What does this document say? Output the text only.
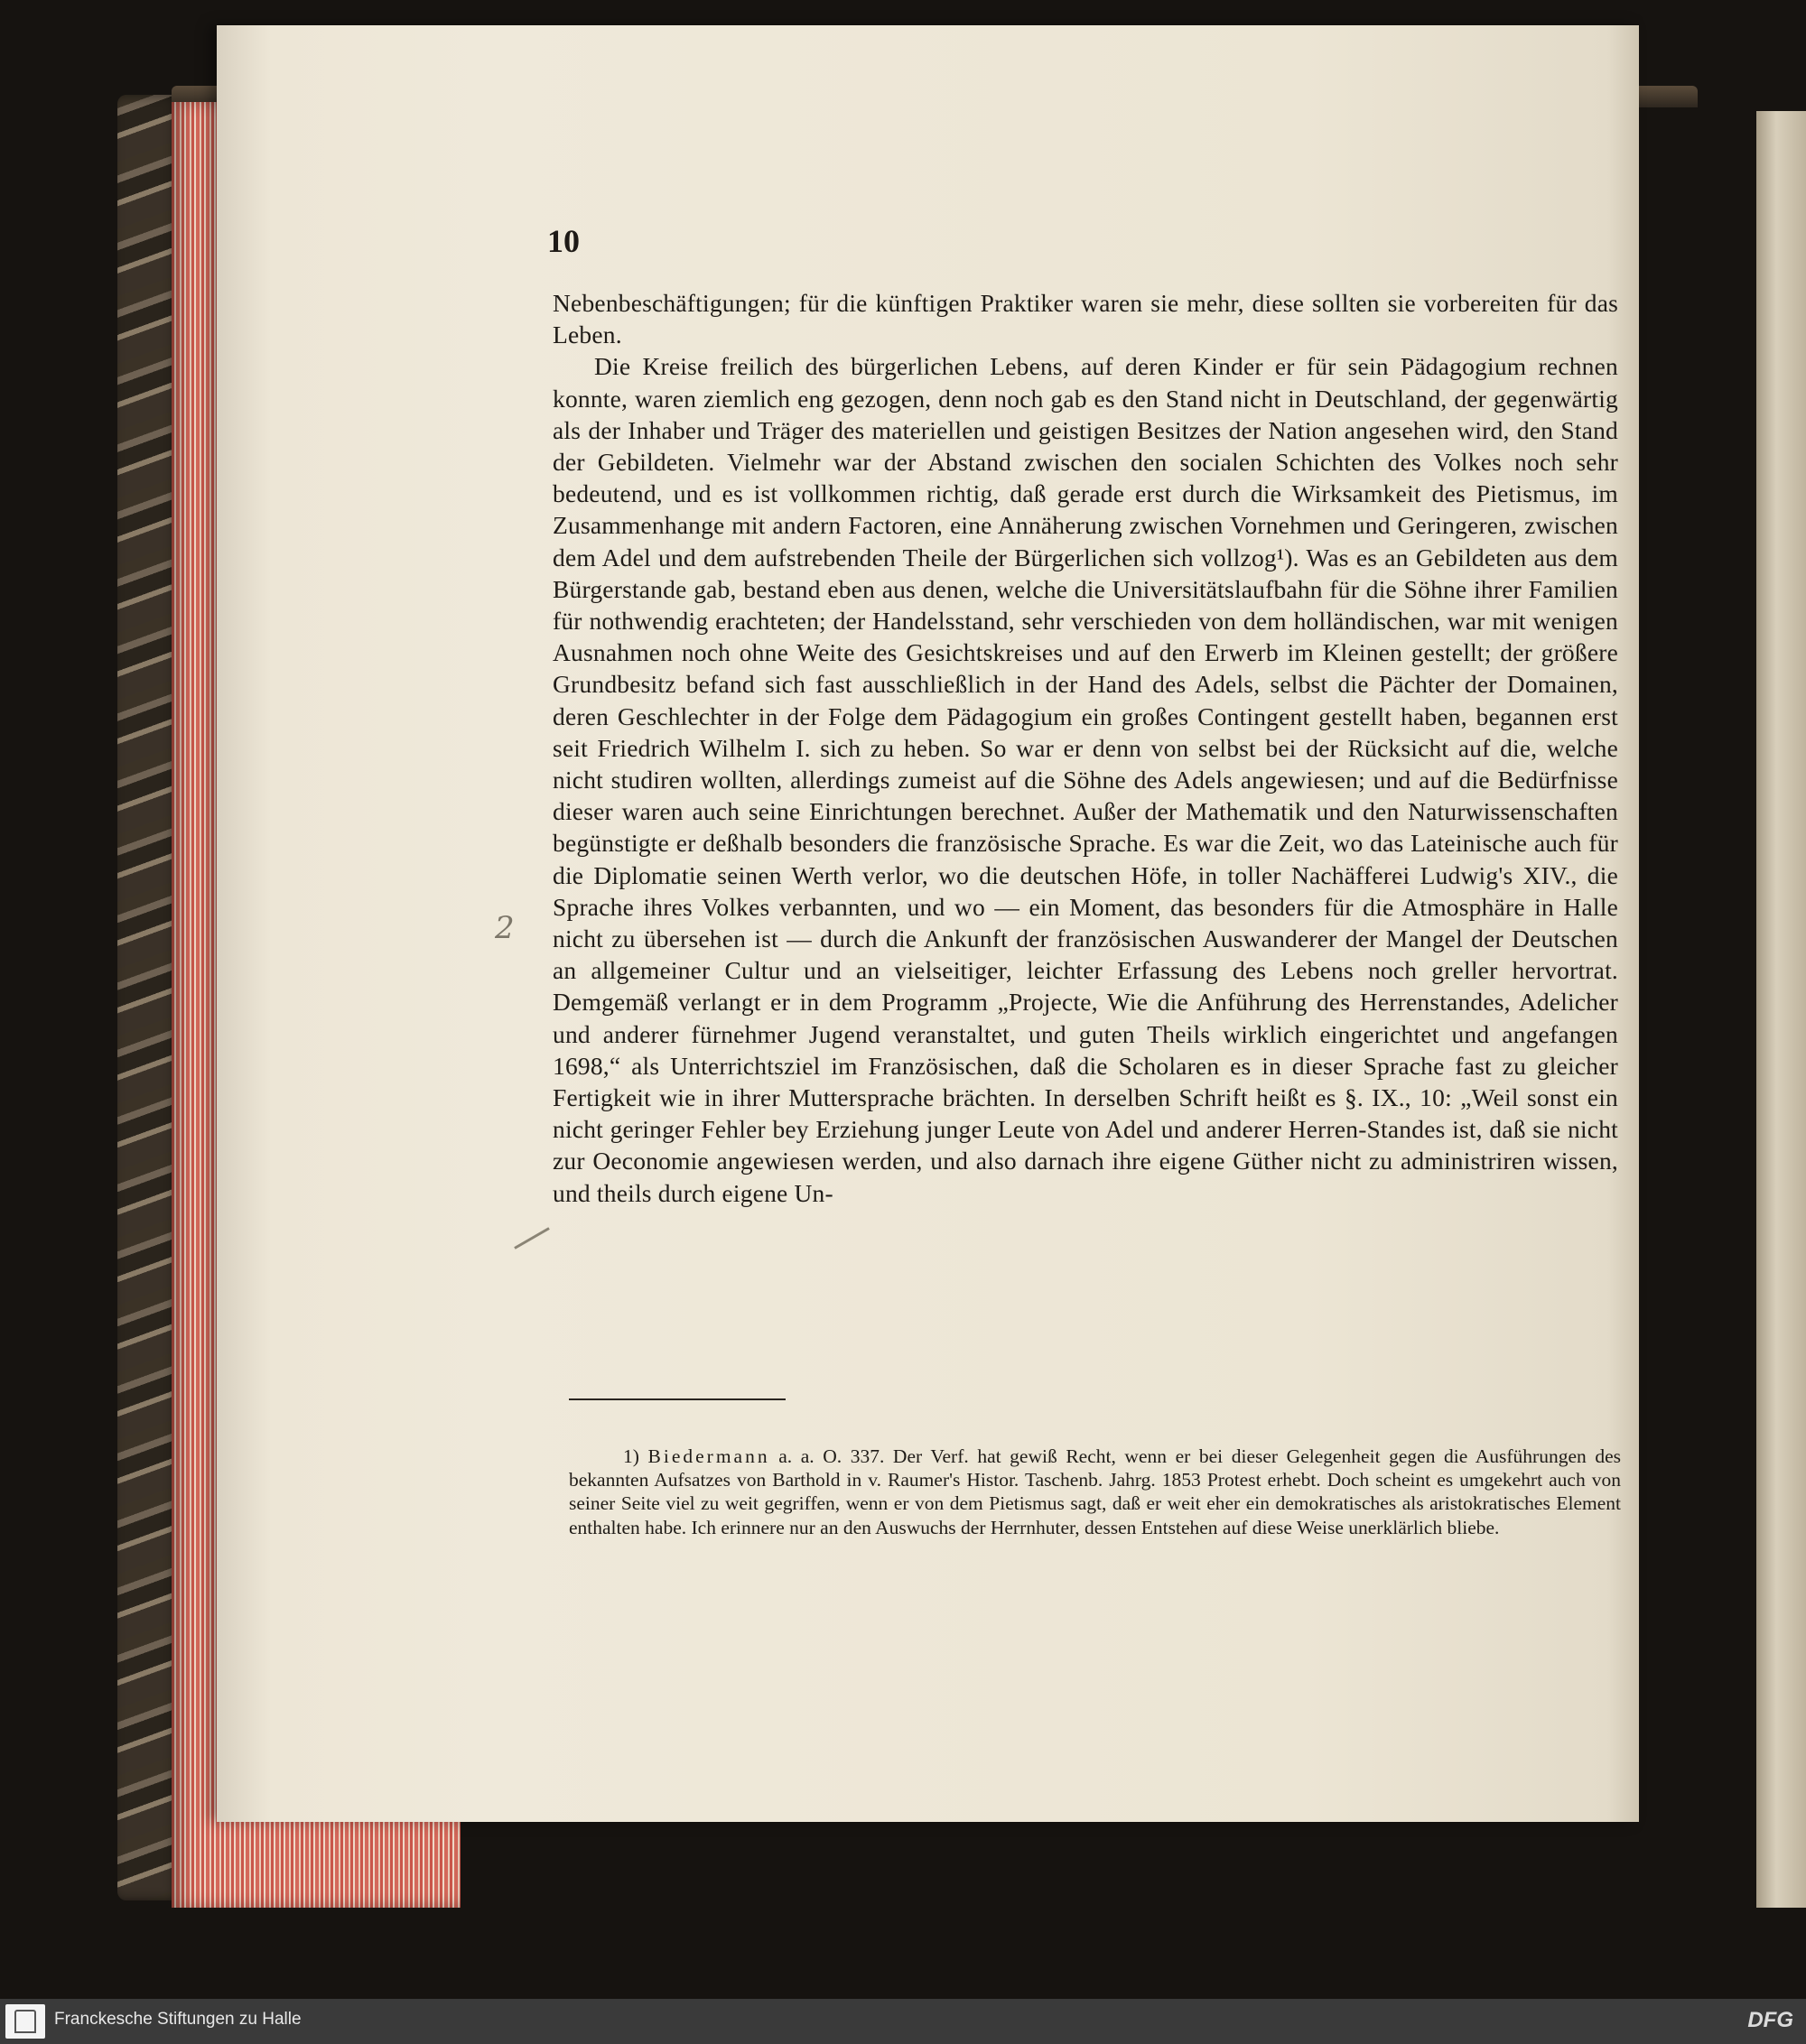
10

Nebenbeschäftigungen; für die künftigen Praktiker waren sie mehr, diese sollten sie vorbereiten für das Leben.

Die Kreise freilich des bürgerlichen Lebens, auf deren Kinder er für sein Pädagogium rechnen konnte, waren ziemlich eng gezogen, denn noch gab es den Stand nicht in Deutschland, der gegenwärtig als der Inhaber und Träger des materiellen und geistigen Besitzes der Nation angesehen wird, den Stand der Gebildeten. Vielmehr war der Abstand zwischen den socialen Schichten des Volkes noch sehr bedeutend, und es ist vollkommen richtig, daß gerade erst durch die Wirksamkeit des Pietismus, im Zusammenhange mit andern Factoren, eine Annäherung zwischen Vornehmen und Geringeren, zwischen dem Adel und dem aufstrebenden Theile der Bürgerlichen sich vollzog¹). Was es an Gebildeten aus dem Bürgerstande gab, bestand eben aus denen, welche die Universitätslaufbahn für die Söhne ihrer Familien für nothwendig erachteten; der Handelsstand, sehr verschieden von dem holländischen, war mit wenigen Ausnahmen noch ohne Weite des Gesichtskreises und auf den Erwerb im Kleinen gestellt; der größere Grundbesitz befand sich fast ausschließlich in der Hand des Adels, selbst die Pächter der Domainen, deren Geschlechter in der Folge dem Pädagogium ein großes Contingent gestellt haben, begannen erst seit Friedrich Wilhelm I. sich zu heben. So war er denn von selbst bei der Rücksicht auf die, welche nicht studiren wollten, allerdings zumeist auf die Söhne des Adels angewiesen; und auf die Bedürfnisse dieser waren auch seine Einrichtungen berechnet. Außer der Mathematik und den Naturwissenschaften begünstigte er deßhalb besonders die französische Sprache. Es war die Zeit, wo das Lateinische auch für die Diplomatie seinen Werth verlor, wo die deutschen Höfe, in toller Nachäfferei Ludwig's XIV., die Sprache ihres Volkes verbannten, und wo — ein Moment, das besonders für die Atmosphäre in Halle nicht zu übersehen ist — durch die Ankunft der französischen Auswanderer der Mangel der Deutschen an allgemeiner Cultur und an vielseitiger, leichter Erfassung des Lebens noch greller hervortrat. Demgemäß verlangt er in dem Programm „Projecte, Wie die Anführung des Herrenstandes, Adelicher und anderer fürnehmer Jugend veranstaltet, und guten Theils wirklich eingerichtet und angefangen 1698,“ als Unterrichtsziel im Französischen, daß die Scholaren es in dieser Sprache fast zu gleicher Fertigkeit wie in ihrer Muttersprache brächten. In derselben Schrift heißt es §. IX., 10: „Weil sonst ein nicht geringer Fehler bey Erziehung junger Leute von Adel und anderer Herren-Standes ist, daß sie nicht zur Oeconomie angewiesen werden, und also darnach ihre eigene Güther nicht zu administriren wissen, und theils durch eigene Un-

2
1) Biedermann a. a. O. 337. Der Verf. hat gewiß Recht, wenn er bei dieser Gelegenheit gegen die Ausführungen des bekannten Aufsatzes von Barthold in v. Raumer's Histor. Taschenb. Jahrg. 1853 Protest erhebt. Doch scheint es umgekehrt auch von seiner Seite viel zu weit gegriffen, wenn er von dem Pietismus sagt, daß er weit eher ein demokratisches als aristokratisches Element enthalten habe. Ich erinnere nur an den Auswuchs der Herrnhuter, dessen Entstehen auf diese Weise unerklärlich bliebe.
Franckesche Stiftungen zu Halle	DFG
